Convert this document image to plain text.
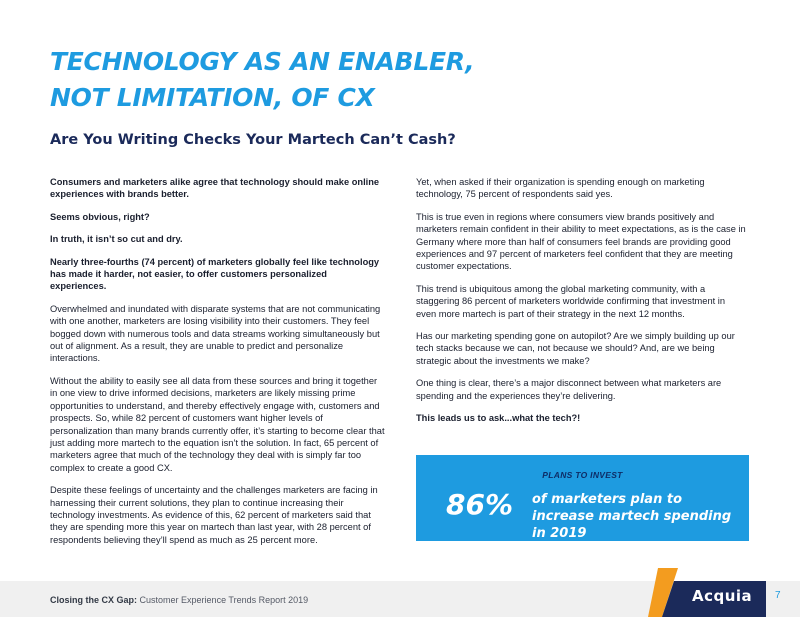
TECHNOLOGY AS AN ENABLER,
NOT LIMITATION, OF CX
Are You Writing Checks Your Martech Can’t Cash?

Consumers and marketers alike agree that technology should make online experiences with brands better.

Seems obvious, right?

In truth, it isn’t so cut and dry.

Nearly three-fourths (74 percent) of marketers globally feel like technology has made it harder, not easier, to offer customers personalized experiences.

Overwhelmed and inundated with disparate systems that are not communicating with one another, marketers are losing visibility into their customers. They feel bogged down with numerous tools and data streams working simultaneously but out of alignment. As a result, they are unable to predict and personalize interactions.

Without the ability to easily see all data from these sources and bring it together in one view to drive informed decisions, marketers are likely missing prime opportunities to understand, and thereby effectively engage with, customers and prospects. So, while 82 percent of customers want higher levels of personalization than many brands currently offer, it’s starting to become clear that just adding more martech to the equation isn’t the solution. In fact, 65 percent of marketers agree that much of the technology they deal with is simply far too complex to create a good CX.

Despite these feelings of uncertainty and the challenges marketers are facing in harnessing their current solutions, they plan to continue increasing their technology investments. As evidence of this, 62 percent of marketers said that they are spending more this year on martech than last year, with 28 percent of respondents believing they’ll spend as much as 25 percent more.

Yet, when asked if their organization is spending enough on marketing technology, 75 percent of respondents said yes.

This is true even in regions where consumers view brands positively and marketers remain confident in their ability to meet expectations, as is the case in Germany where more than half of consumers feel brands are providing good experiences and 97 percent of marketers feel confident that they are meeting customer expectations.

This trend is ubiquitous among the global marketing community, with a staggering 86 percent of marketers worldwide confirming that investment in even more martech is part of their strategy in the next 12 months.

Has our marketing spending gone on autopilot? Are we simply building up our tech stacks because we can, not because we should? And, are we being strategic about the investments we make?

One thing is clear, there’s a major disconnect between what marketers are spending and the experiences they’re delivering.

This leads us to ask...what the tech?!

PLANS TO INVEST
86% of marketers plan to increase martech spending in 2019
Closing the CX Gap: Customer Experience Trends Report 2019	Acquia 7
